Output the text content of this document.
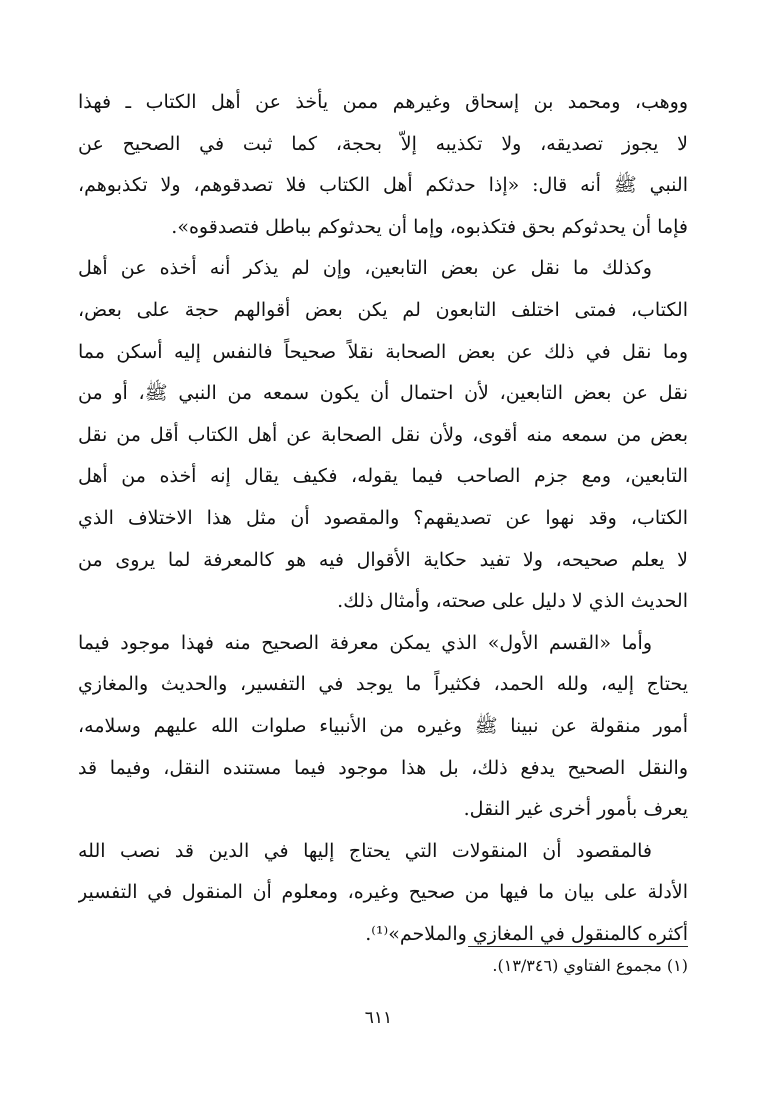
ووهب، ومحمد بن إسحاق وغيرهم ممن يأخذ عن أهل الكتاب ـ فهذا
لا يجوز تصديقه، ولا تكذيبه إلاّ بحجة، كما ثبت في الصحيح عن
النبي ﷺ أنه قال: «إذا حدثكم أهل الكتاب فلا تصدقوهم، ولا تكذبوهم،
فإما أن يحدثوكم بحق فتكذبوه، وإما أن يحدثوكم بباطل فتصدقوه».
وكذلك ما نقل عن بعض التابعين، وإن لم يذكر أنه أخذه عن أهل
الكتاب، فمتى اختلف التابعون لم يكن بعض أقوالهم حجة على بعض،
وما نقل في ذلك عن بعض الصحابة نقلاً صحيحاً فالنفس إليه أسكن مما
نقل عن بعض التابعين، لأن احتمال أن يكون سمعه من النبي ﷺ، أو من
بعض من سمعه منه أقوى، ولأن نقل الصحابة عن أهل الكتاب أقل من نقل
التابعين، ومع جزم الصاحب فيما يقوله، فكيف يقال إنه أخذه من أهل
الكتاب، وقد نهوا عن تصديقهم؟ والمقصود أن مثل هذا الاختلاف الذي
لا يعلم صحيحه، ولا تفيد حكاية الأقوال فيه هو كالمعرفة لما يروى من
الحديث الذي لا دليل على صحته، وأمثال ذلك.
وأما «القسم الأول» الذي يمكن معرفة الصحيح منه فهذا موجود فيما
يحتاج إليه، ولله الحمد، فكثيراً ما يوجد في التفسير، والحديث والمغازي
أمور منقولة عن نبينا ﷺ وغيره من الأنبياء صلوات الله عليهم وسلامه،
والنقل الصحيح يدفع ذلك، بل هذا موجود فيما مستنده النقل، وفيما قد
يعرف بأمور أخرى غير النقل.
فالمقصود أن المنقولات التي يحتاج إليها في الدين قد نصب الله
الأدلة على بيان ما فيها من صحيح وغيره، ومعلوم أن المنقول في التفسير
أكثره كالمنقول في المغازي والملاحم»⁽¹⁾.
(١) مجموع الفتاوي (١٣/٣٤٦).
٦١١
